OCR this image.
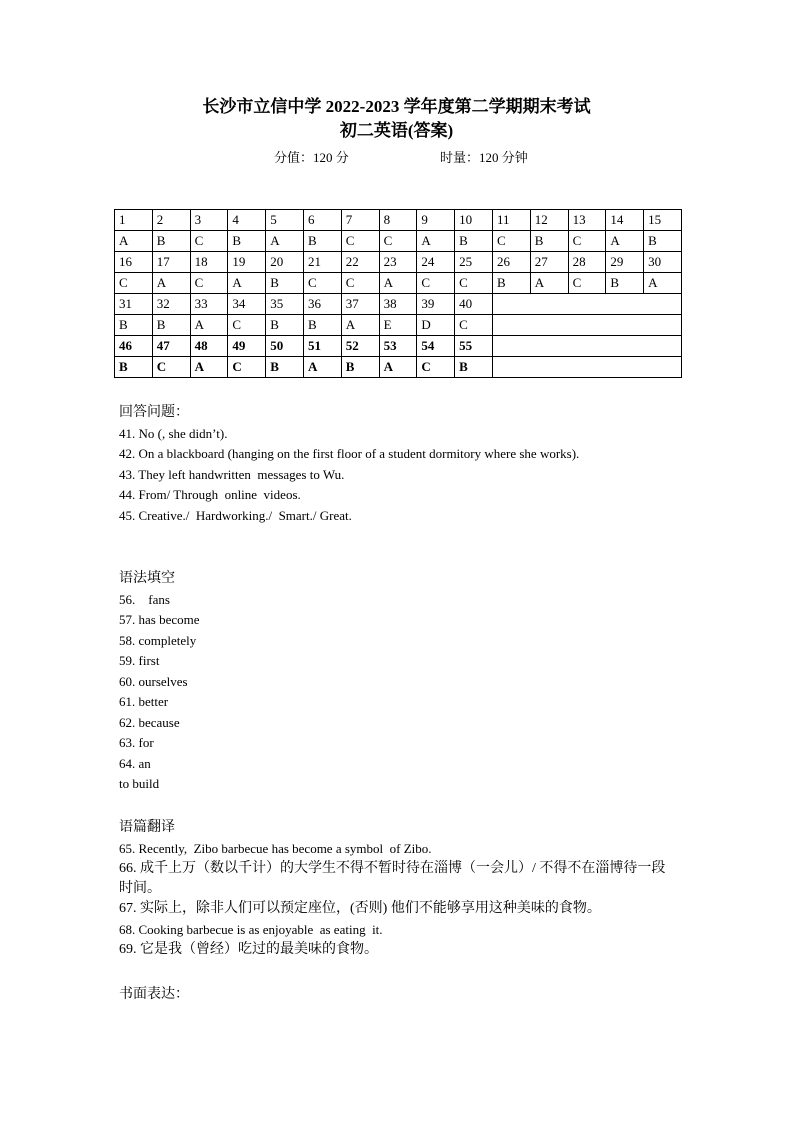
长沙市立信中学 2022-2023 学年度第二学期期末考试
初二英语(答案)
分值：120 分	时量：120 分钟
1	2	3	4	5	6	7	8	9	10	11	12	13	14	15
A	B	C	B	A	B	C	C	A	B	C	B	C	A	B
16	17	18	19	20	21	22	23	24	25	26	27	28	29	30
C	A	C	A	B	C	C	A	C	C	B	A	C	B	A
31	32	33	34	35	36	37	38	39	40					
B	B	A	C	B	B	A	E	D	C					
46	47	48	49	50	51	52	53	54	55					
B	C	A	C	B	A	B	A	C	B					
回答问题：
41. No (, she didn’t).
42. On a blackboard (hanging on the first floor of a student dormitory where she works).
43. They left handwritten  messages to Wu.
44. From/ Through  online  videos.
45. Creative./  Hardworking./  Smart./ Great.
语法填空
56.    fans
57. has become
58. completely
59. first
60. ourselves
61. better
62. because
63. for
64. an
to build
语篇翻译
65. Recently,  Zibo barbecue has become a symbol  of Zibo.
66. 成千上万（数以千计）的大学生不得不暂时待在淄博（一会儿）/ 不得不在淄博待一段时间。
67. 实际上，除非人们可以预定座位，(否则) 他们不能够享用这种美味的食物。
68. Cooking barbecue is as enjoyable  as eating  it.
69. 它是我（曾经）吃过的最美味的食物。
书面表达：
